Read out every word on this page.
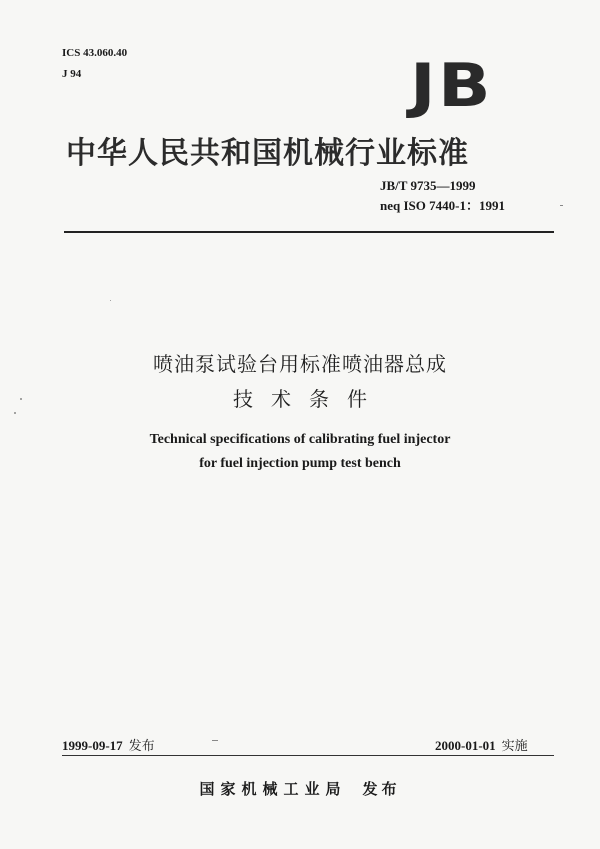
ICS 43.060.40
J 94	JB
中华人民共和国机械行业标准
JB/T 9735—1999
neq ISO 7440-1：1991
喷油泵试验台用标准喷油器总成
技术条件
Technical specifications of calibrating fuel injector
for fuel injection pump test bench
1999-09-17 发布	2000-01-01 实施
国家机械工业局 发布
